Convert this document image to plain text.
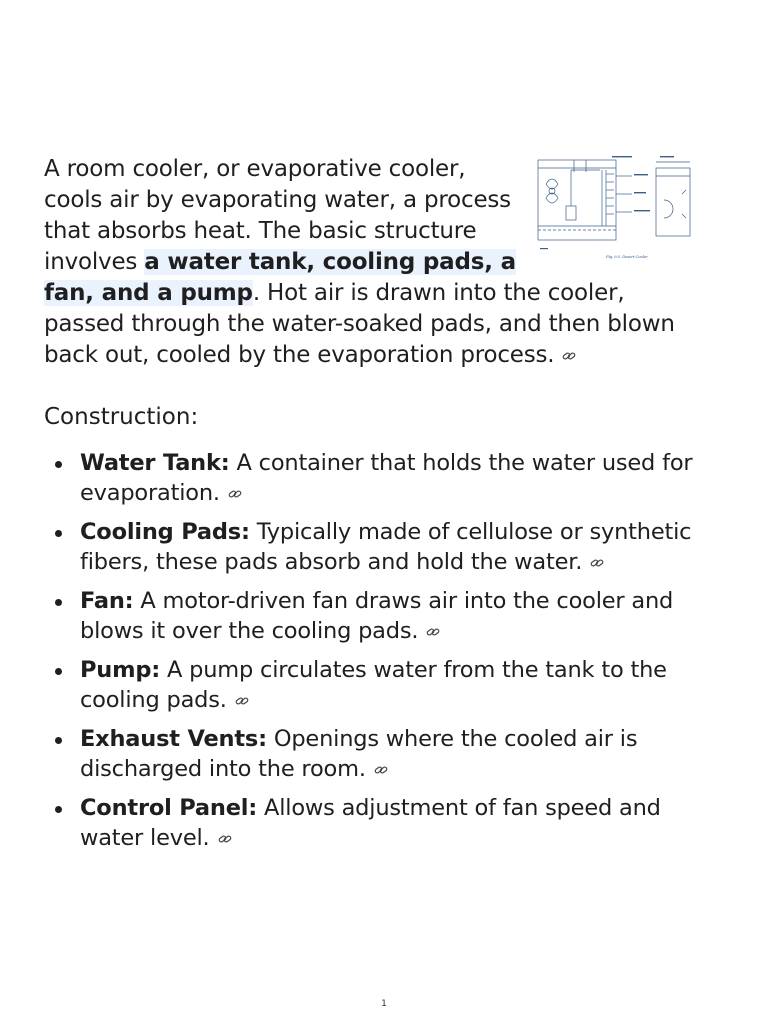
Fig. 9.5. Desert Cooler
A room cooler, or evaporative cooler, cools air by evaporating water, a process that absorbs heat. The basic structure involves a water tank, cooling pads, a fan, and a pump. Hot air is drawn into the cooler, passed through the water-soaked pads, and then blown back out, cooled by the evaporation process.

Construction:
Water Tank: A container that holds the water used for evaporation.
Cooling Pads: Typically made of cellulose or synthetic fibers, these pads absorb and hold the water.
Fan: A motor-driven fan draws air into the cooler and blows it over the cooling pads.
Pump: A pump circulates water from the tank to the cooling pads.
Exhaust Vents: Openings where the cooled air is discharged into the room.
Control Panel: Allows adjustment of fan speed and water level.
1
